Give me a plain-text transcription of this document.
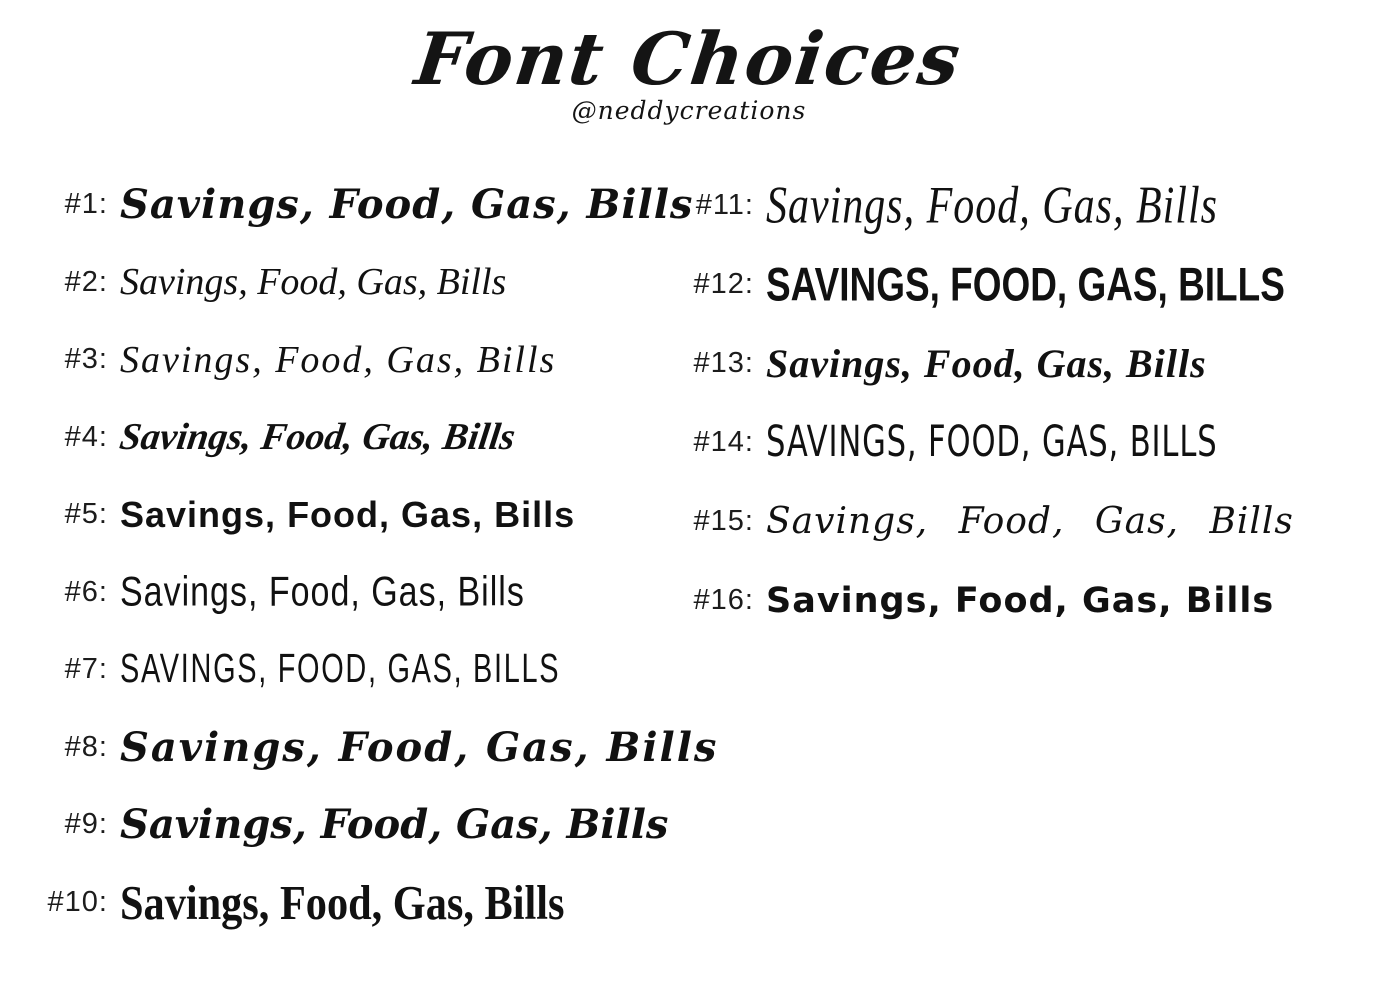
Font Choices
@neddycreations
#1: Savings, Food, Gas, Bills
#2: Savings, Food, Gas, Bills
#3: Savings, Food, Gas, Bills
#4: Savings, Food, Gas, Bills
#5: Savings, Food, Gas, Bills
#6: Savings, Food, Gas, Bills
#7: SAVINGS, FOOD, GAS, BILLS
#8: Savings, Food, Gas, Bills
#9: Savings, Food, Gas, Bills
#10: Savings, Food, Gas, Bills
#11: Savings, Food, Gas, Bills
#12: SAVINGS, FOOD, GAS, BILLS
#13: Savings, Food, Gas, Bills
#14: SAVINGS, FOOD, GAS, BILLS
#15: Savings, Food, Gas, Bills
#16: Savings, Food, Gas, Bills
